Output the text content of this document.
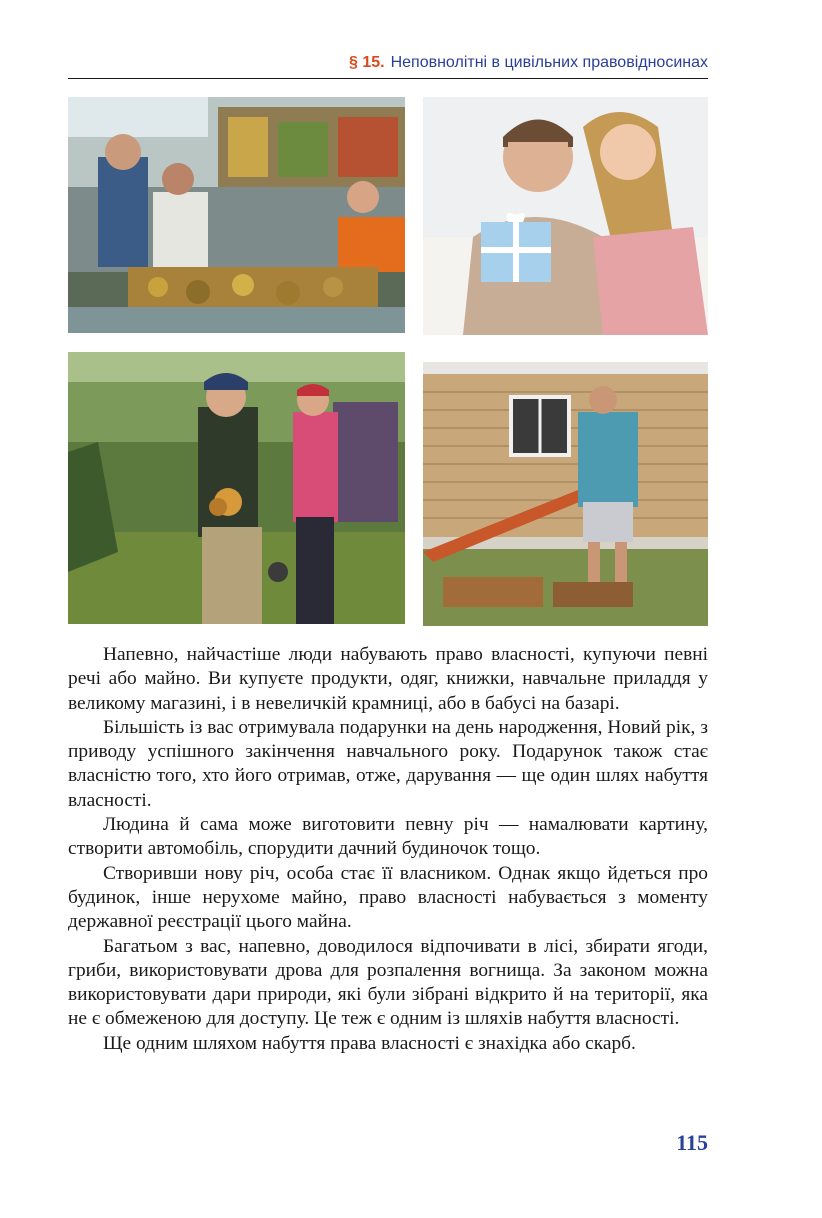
§ 15. Неповнолітні в цивільних правовідносинах

Напевно, найчастіше люди набувають право власності, купуючи певні речі або майно. Ви купуєте продукти, одяг, книжки, навчальне приладдя у великому магазині, і в невеличкій крамниці, або в бабусі на базарі.

Більшість із вас отримувала подарунки на день народження, Новий рік, з приводу успішного закінчення навчального року. Подарунок також стає власністю того, хто його отримав, отже, дарування — ще один шлях набуття власності.

Людина й сама може виготовити певну річ — намалювати картину, створити автомобіль, спорудити дачний будиночок тощо.

Створивши нову річ, особа стає її власником. Однак якщо йдеться про будинок, інше нерухоме майно, право власності набувається з моменту державної реєстрації цього майна.

Багатьом з вас, напевно, доводилося відпочивати в лісі, збирати ягоди, гриби, використовувати дрова для розпалення вогнища. За законом можна використовувати дари природи, які були зібрані відкрито й на території, яка не є обмеженою для доступу. Це теж є одним із шляхів набуття власності.

Ще одним шляхом набуття права власності є знахідка або скарб.

115
